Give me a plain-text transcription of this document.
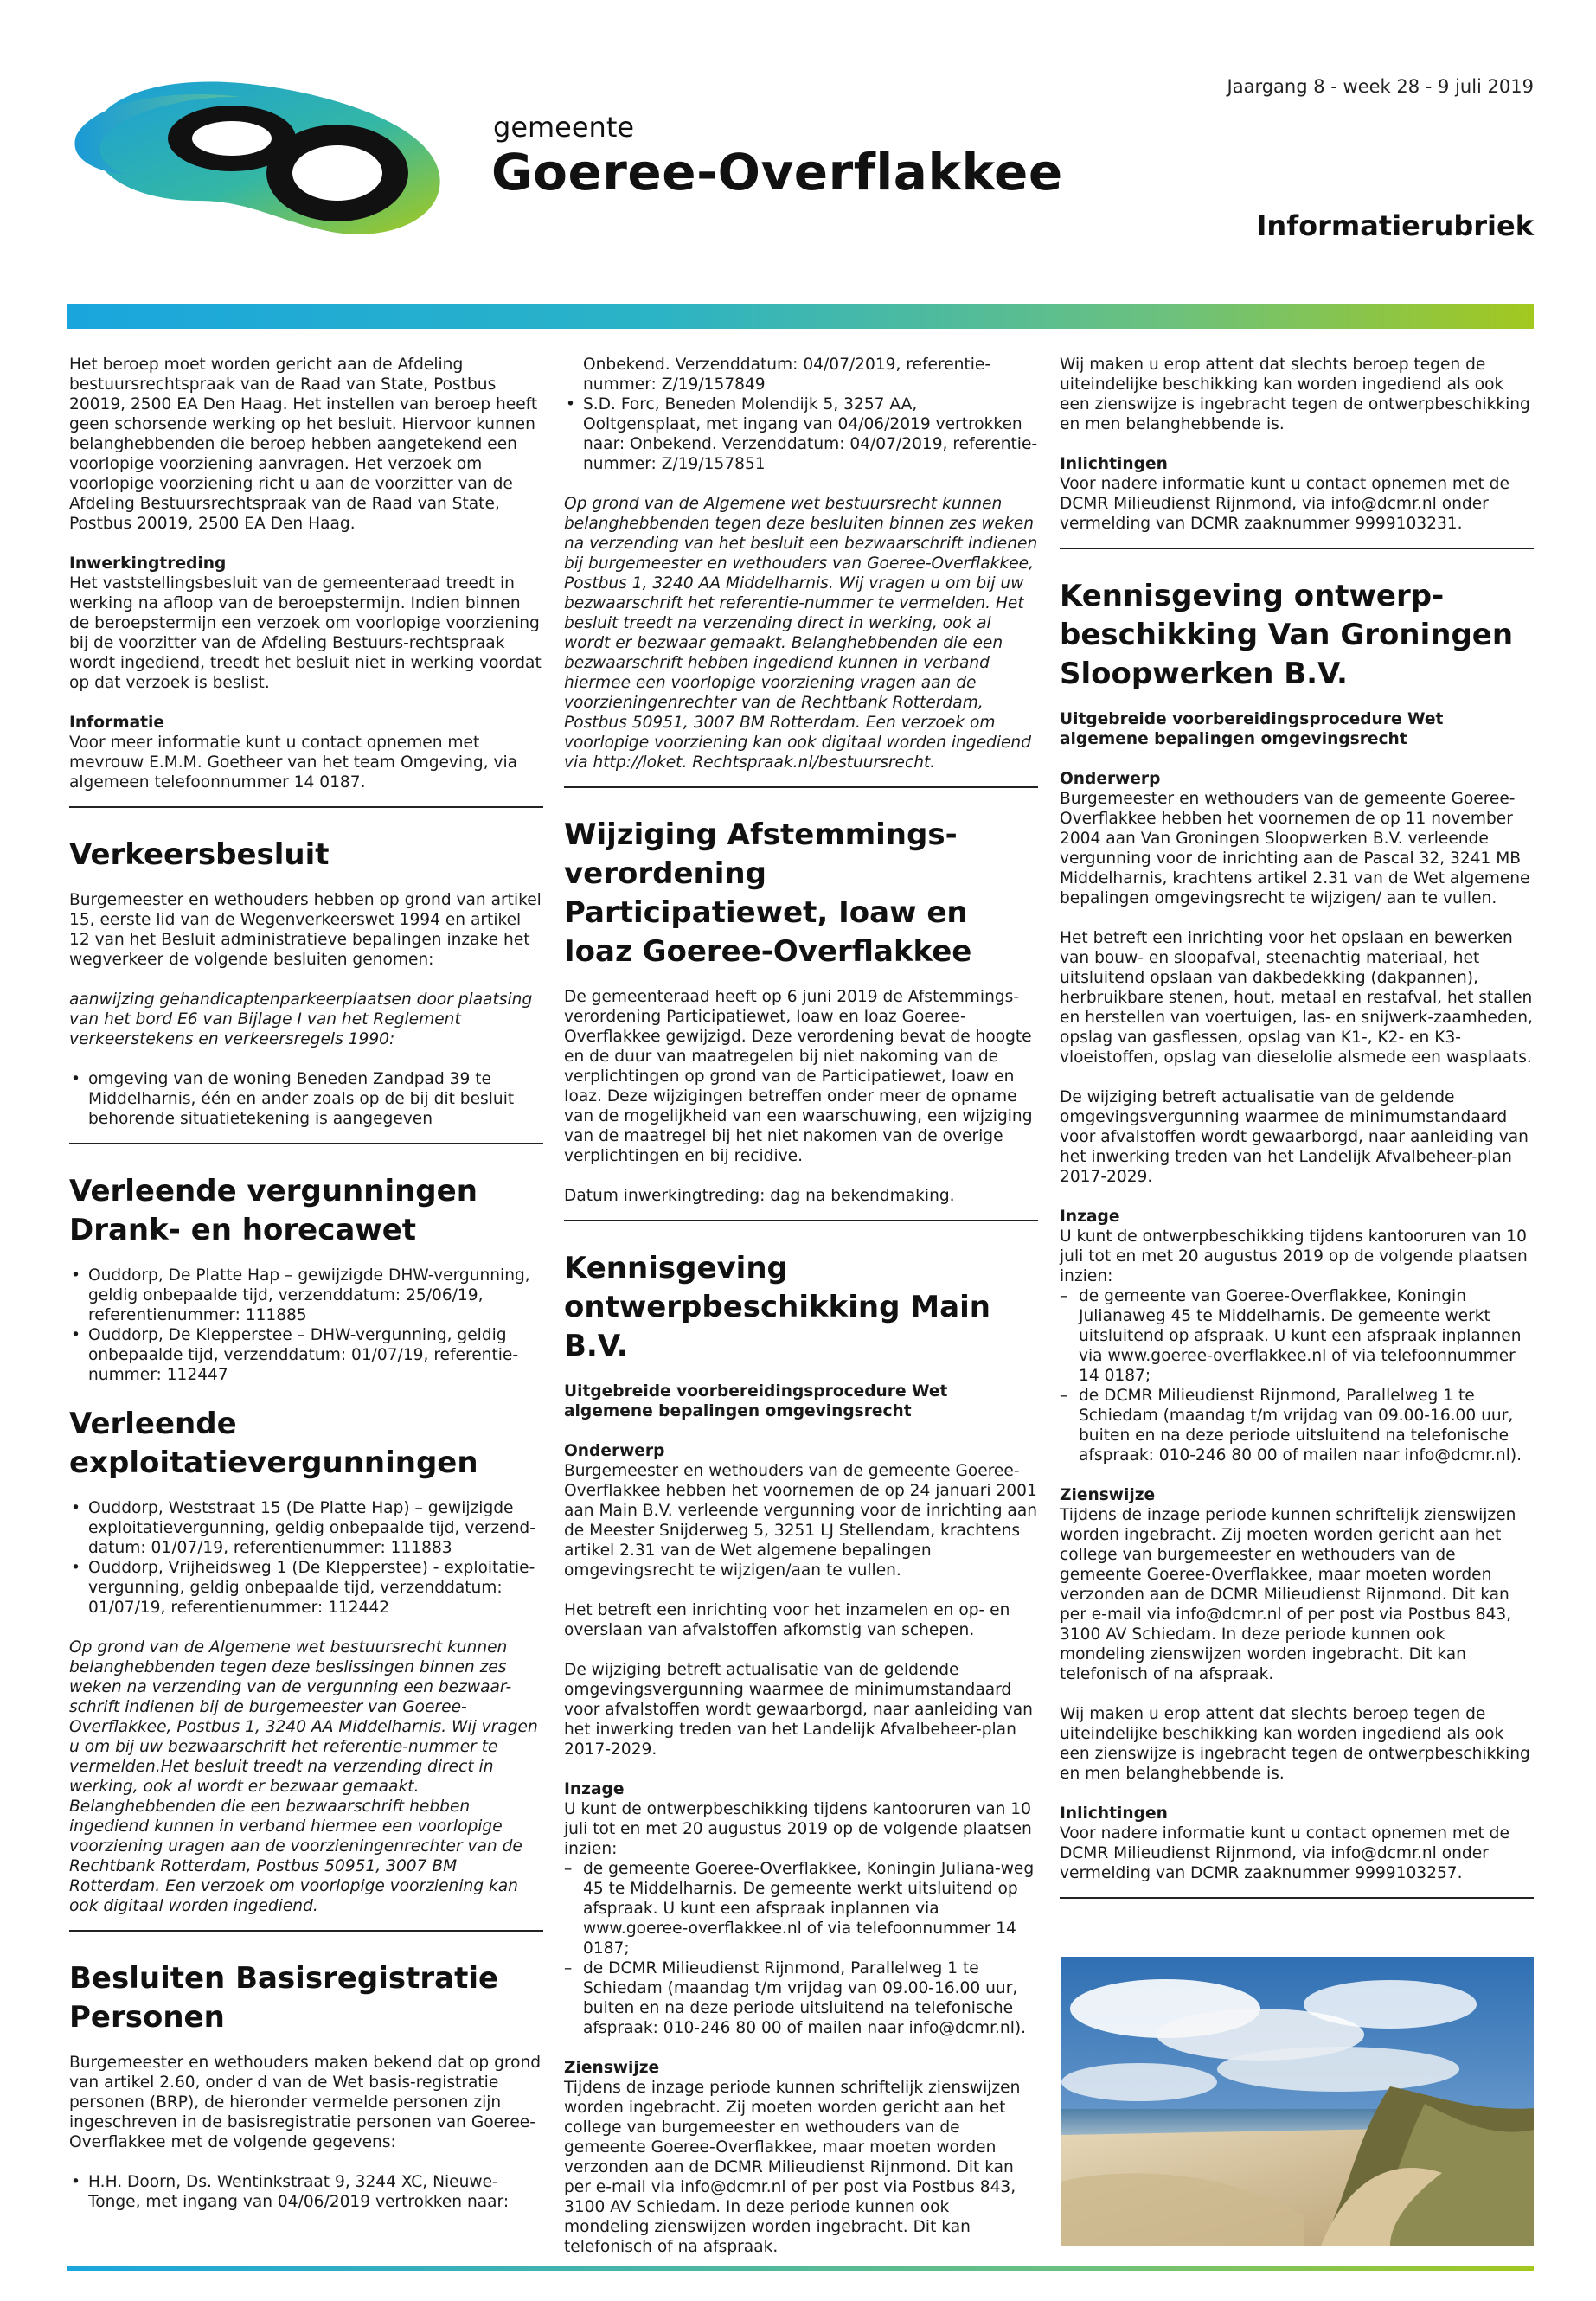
gemeente
Goeree-Overflakkee
Jaargang 8 - week 28 - 9 juli 2019
Informatierubriek

Het beroep moet worden gericht aan de Afdeling bestuursrechtspraak van de Raad van State, Postbus 20019, 2500 EA Den Haag. Het instellen van beroep heeft geen schorsende werking op het besluit. Hiervoor kunnen belanghebbenden die beroep hebben aangetekend een voorlopige voorziening aanvragen. Het verzoek om voorlopige voorziening richt u aan de voorzitter van de Afdeling Bestuursrechtspraak van de Raad van State, Postbus 20019, 2500 EA Den Haag.

Inwerkingtreding

Het vaststellingsbesluit van de gemeenteraad treedt in werking na afloop van de beroepstermijn. Indien binnen de beroepstermijn een verzoek om voorlopige voorziening bij de voorzitter van de Afdeling Bestuurs-rechtspraak wordt ingediend, treedt het besluit niet in werking voordat op dat verzoek is beslist.

Informatie

Voor meer informatie kunt u contact opnemen met mevrouw E.M.M. Goetheer van het team Omgeving, via algemeen telefoonnummer 14 0187.

Verkeersbesluit

Burgemeester en wethouders hebben op grond van artikel 15, eerste lid van de Wegenverkeerswet 1994 en artikel 12 van het Besluit administratieve bepalingen inzake het wegverkeer de volgende besluiten genomen:

aanwijzing gehandicaptenparkeerplaatsen door plaatsing van het bord E6 van Bijlage I van het Reglement verkeerstekens en verkeersregels 1990:

• omgeving van de woning Beneden Zandpad 39 te Middelharnis, één en ander zoals op de bij dit besluit behorende situatietekening is aangegeven
Verleende vergunningen Drank- en horecawet
• Ouddorp, De Platte Hap – gewijzigde DHW-vergunning, geldig onbepaalde tijd, verzenddatum: 25/06/19, referentienummer: 111885
• Ouddorp, De Klepperstee – DHW-vergunning, geldig onbepaalde tijd, verzenddatum: 01/07/19, referentie-nummer: 112447
Verleende exploitatievergunningen
• Ouddorp, Weststraat 15 (De Platte Hap) – gewijzigde exploitatievergunning, geldig onbepaalde tijd, verzend-datum: 01/07/19, referentienummer: 111883
• Ouddorp, Vrijheidsweg 1 (De Klepperstee) - exploitatie-vergunning, geldig onbepaalde tijd, verzenddatum: 01/07/19, referentienummer: 112442

Op grond van de Algemene wet bestuursrecht kunnen belanghebbenden tegen deze beslissingen binnen zes weken na verzending van de vergunning een bezwaar-schrift indienen bij de burgemeester van Goeree-Overflakkee, Postbus 1, 3240 AA Middelharnis. Wij vragen u om bij uw bezwaarschrift het referentie-nummer te vermelden.Het besluit treedt na verzending direct in werking, ook al wordt er bezwaar gemaakt. Belanghebbenden die een bezwaarschrift hebben ingediend kunnen in verband hiermee een voorlopige voorziening uragen aan de voorzieningenrechter van de Rechtbank Rotterdam, Postbus 50951, 3007 BM Rotterdam. Een verzoek om voorlopige voorziening kan ook digitaal worden ingediend.

Besluiten Basisregistratie Personen

Burgemeester en wethouders maken bekend dat op grond van artikel 2.60, onder d van de Wet basis-registratie personen (BRP), de hieronder vermelde personen zijn ingeschreven in de basisregistratie personen van Goeree-Overflakkee met de volgende gegevens:

• H.H. Doorn, Ds. Wentinkstraat 9, 3244 XC, Nieuwe-Tonge, met ingang van 04/06/2019 vertrokken naar:

Onbekend. Verzenddatum: 04/07/2019, referentie-nummer: Z/19/157849

• S.D. Forc, Beneden Molendijk 5, 3257 AA, Ooltgensplaat, met ingang van 04/06/2019 vertrokken naar: Onbekend. Verzenddatum: 04/07/2019, referentie-nummer: Z/19/157851

Op grond van de Algemene wet bestuursrecht kunnen belanghebbenden tegen deze besluiten binnen zes weken na verzending van het besluit een bezwaarschrift indienen bij burgemeester en wethouders van Goeree-Overflakkee, Postbus 1, 3240 AA Middelharnis. Wij vragen u om bij uw bezwaarschrift het referentie-nummer te vermelden. Het besluit treedt na verzending direct in werking, ook al wordt er bezwaar gemaakt. Belanghebbenden die een bezwaarschrift hebben ingediend kunnen in verband hiermee een voorlopige voorziening vragen aan de voorzieningenrechter van de Rechtbank Rotterdam, Postbus 50951, 3007 BM Rotterdam. Een verzoek om voorlopige voorziening kan ook digitaal worden ingediend via http://loket. Rechtspraak.nl/bestuursrecht.

Wijziging Afstemmings-verordening Participatiewet, Ioaw en Ioaz Goeree-Overflakkee

De gemeenteraad heeft op 6 juni 2019 de Afstemmings-verordening Participatiewet, Ioaw en Ioaz Goeree-Overflakkee gewijzigd. Deze verordening bevat de hoogte en de duur van maatregelen bij niet nakoming van de verplichtingen op grond van de Participatiewet, Ioaw en Ioaz. Deze wijzigingen betreffen onder meer de opname van de mogelijkheid van een waarschuwing, een wijziging van de maatregel bij het niet nakomen van de overige verplichtingen en bij recidive.

Datum inwerkingtreding: dag na bekendmaking.

Kennisgeving ontwerpbeschikking Main B.V.

Uitgebreide voorbereidingsprocedure Wet algemene bepalingen omgevingsrecht

Onderwerp

Burgemeester en wethouders van de gemeente Goeree-Overflakkee hebben het voornemen de op 24 januari 2001 aan Main B.V. verleende vergunning voor de inrichting aan de Meester Snijderweg 5, 3251 LJ Stellendam, krachtens artikel 2.31 van de Wet algemene bepalingen omgevingsrecht te wijzigen/aan te vullen.

Het betreft een inrichting voor het inzamelen en op- en overslaan van afvalstoffen afkomstig van schepen.

De wijziging betreft actualisatie van de geldende omgevingsvergunning waarmee de minimumstandaard voor afvalstoffen wordt gewaarborgd, naar aanleiding van het inwerking treden van het Landelijk Afvalbeheer-plan 2017-2029.

Inzage

U kunt de ontwerpbeschikking tijdens kantooruren van 10 juli tot en met 20 augustus 2019 op de volgende plaatsen inzien:

– de gemeente Goeree-Overflakkee, Koningin Juliana-weg 45 te Middelharnis. De gemeente werkt uitsluitend op afspraak. U kunt een afspraak inplannen via www.goeree-overflakkee.nl of via telefoonnummer 14 0187;
– de DCMR Milieudienst Rijnmond, Parallelweg 1 te Schiedam (maandag t/m vrijdag van 09.00-16.00 uur, buiten en na deze periode uitsluitend na telefonische afspraak: 010-246 80 00 of mailen naar info@dcmr.nl).
Zienswijze

Tijdens de inzage periode kunnen schriftelijk zienswijzen worden ingebracht. Zij moeten worden gericht aan het college van burgemeester en wethouders van de gemeente Goeree-Overflakkee, maar moeten worden verzonden aan de DCMR Milieudienst Rijnmond. Dit kan per e-mail via info@dcmr.nl of per post via Postbus 843, 3100 AV Schiedam. In deze periode kunnen ook mondeling zienswijzen worden ingebracht. Dit kan telefonisch of na afspraak.

Wij maken u erop attent dat slechts beroep tegen de uiteindelijke beschikking kan worden ingediend als ook een zienswijze is ingebracht tegen de ontwerpbeschikking en men belanghebbende is.

Inlichtingen

Voor nadere informatie kunt u contact opnemen met de DCMR Milieudienst Rijnmond, via info@dcmr.nl onder vermelding van DCMR zaaknummer 9999103231.

Kennisgeving ontwerp-beschikking Van Groningen Sloopwerken B.V.

Uitgebreide voorbereidingsprocedure Wet algemene bepalingen omgevingsrecht

Onderwerp

Burgemeester en wethouders van de gemeente Goeree-Overflakkee hebben het voornemen de op 11 november 2004 aan Van Groningen Sloopwerken B.V. verleende vergunning voor de inrichting aan de Pascal 32, 3241 MB Middelharnis, krachtens artikel 2.31 van de Wet algemene bepalingen omgevingsrecht te wijzigen/ aan te vullen.

Het betreft een inrichting voor het opslaan en bewerken van bouw- en sloopafval, steenachtig materiaal, het uitsluitend opslaan van dakbedekking (dakpannen), herbruikbare stenen, hout, metaal en restafval, het stallen en herstellen van voertuigen, las- en snijwerk-zaamheden, opslag van gasflessen, opslag van K1-, K2- en K3-vloeistoffen, opslag van dieselolie alsmede een wasplaats.

De wijziging betreft actualisatie van de geldende omgevingsvergunning waarmee de minimumstandaard voor afvalstoffen wordt gewaarborgd, naar aanleiding van het inwerking treden van het Landelijk Afvalbeheer-plan 2017-2029.

Inzage

U kunt de ontwerpbeschikking tijdens kantooruren van 10 juli tot en met 20 augustus 2019 op de volgende plaatsen inzien:

– de gemeente van Goeree-Overflakkee, Koningin Julianaweg 45 te Middelharnis. De gemeente werkt uitsluitend op afspraak. U kunt een afspraak inplannen via www.goeree-overflakkee.nl of via telefoonnummer 14 0187;
– de DCMR Milieudienst Rijnmond, Parallelweg 1 te Schiedam (maandag t/m vrijdag van 09.00-16.00 uur, buiten en na deze periode uitsluitend na telefonische afspraak: 010-246 80 00 of mailen naar info@dcmr.nl).
Zienswijze

Tijdens de inzage periode kunnen schriftelijk zienswijzen worden ingebracht. Zij moeten worden gericht aan het college van burgemeester en wethouders van de gemeente Goeree-Overflakkee, maar moeten worden verzonden aan de DCMR Milieudienst Rijnmond. Dit kan per e-mail via info@dcmr.nl of per post via Postbus 843, 3100 AV Schiedam. In deze periode kunnen ook mondeling zienswijzen worden ingebracht. Dit kan telefonisch of na afspraak.

Wij maken u erop attent dat slechts beroep tegen de uiteindelijke beschikking kan worden ingediend als ook een zienswijze is ingebracht tegen de ontwerpbeschikking en men belanghebbende is.

Inlichtingen

Voor nadere informatie kunt u contact opnemen met de DCMR Milieudienst Rijnmond, via info@dcmr.nl onder vermelding van DCMR zaaknummer 9999103257.
